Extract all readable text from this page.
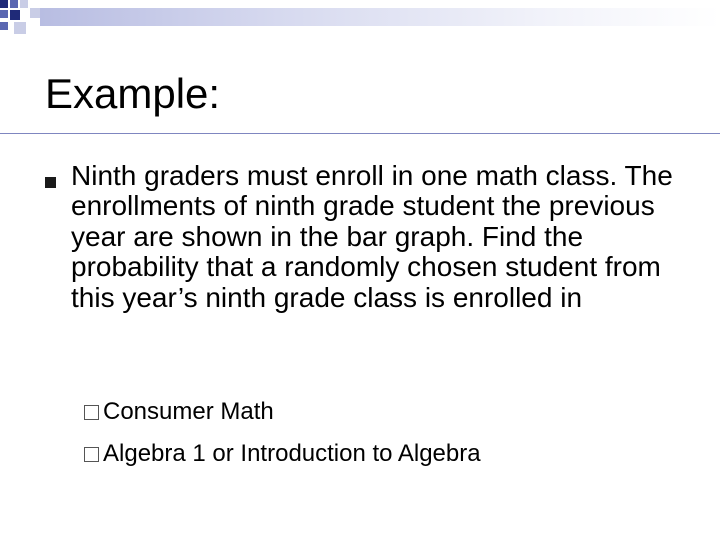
Example:
Ninth graders must enroll in one math class. The enrollments of ninth grade student the previous year are shown in the bar graph. Find the probability that a randomly chosen student from this year’s ninth grade class is enrolled in
Consumer Math
Algebra 1 or Introduction to Algebra
